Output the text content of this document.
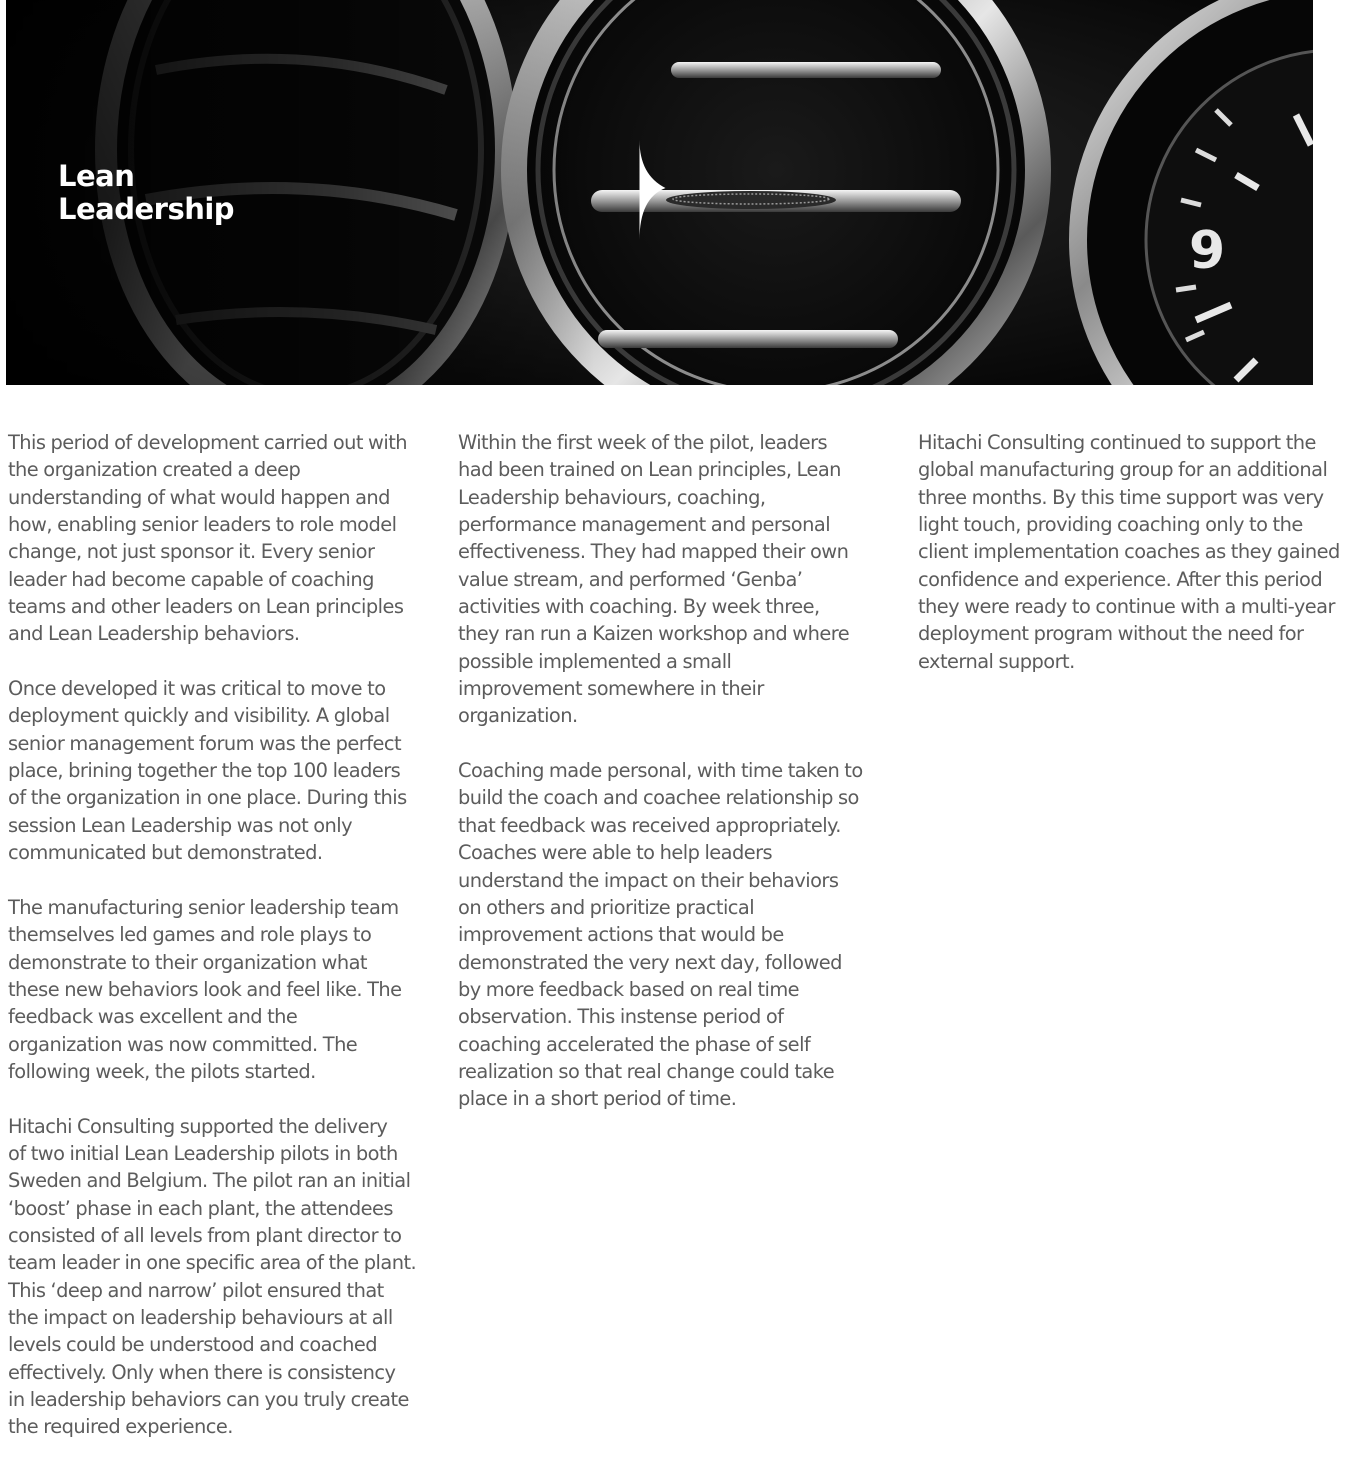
Lean
Leadership

This period of development carried out with
the organization created a deep
understanding of what would happen and
how, enabling senior leaders to role model
change, not just sponsor it. Every senior
leader had become capable of coaching
teams and other leaders on Lean principles
and Lean Leadership behaviors.

Once developed it was critical to move to
deployment quickly and visibility. A global
senior management forum was the perfect
place, brining together the top 100 leaders
of the organization in one place. During this
session Lean Leadership was not only
communicated but demonstrated.

The manufacturing senior leadership team
themselves led games and role plays to
demonstrate to their organization what
these new behaviors look and feel like. The
feedback was excellent and the
organization was now committed. The
following week, the pilots started.

Hitachi Consulting supported the delivery
of two initial Lean Leadership pilots in both
Sweden and Belgium. The pilot ran an initial
‘boost’ phase in each plant, the attendees
consisted of all levels from plant director to
team leader in one specific area of the plant.
This ‘deep and narrow’ pilot ensured that
the impact on leadership behaviours at all
levels could be understood and coached
effectively. Only when there is consistency
in leadership behaviors can you truly create
the required experience.

Within the first week of the pilot, leaders
had been trained on Lean principles, Lean
Leadership behaviours, coaching,
performance management and personal
effectiveness. They had mapped their own
value stream, and performed ‘Genba’
activities with coaching. By week three,
they ran run a Kaizen workshop and where
possible implemented a small
improvement somewhere in their
organization.

Coaching made personal, with time taken to
build the coach and coachee relationship so
that feedback was received appropriately.
Coaches were able to help leaders
understand the impact on their behaviors
on others and prioritize practical
improvement actions that would be
demonstrated the very next day, followed
by more feedback based on real time
observation. This instense period of
coaching accelerated the phase of self
realization so that real change could take
place in a short period of time.

Hitachi Consulting continued to support the
global manufacturing group for an additional
three months. By this time support was very
light touch, providing coaching only to the
client implementation coaches as they gained
confidence and experience. After this period
they were ready to continue with a multi-year
deployment program without the need for
external support.
